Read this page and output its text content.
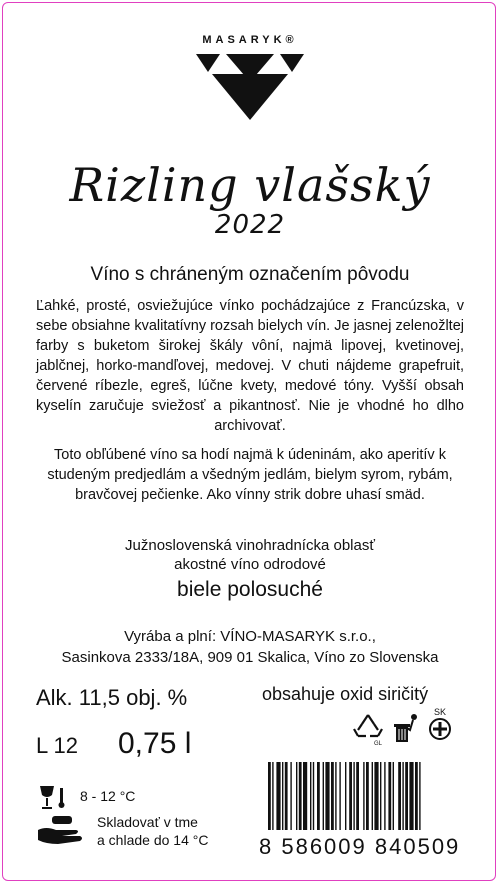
MASARYK®
Rizling vlašský
2022
Víno s chráneným označením pôvodu
Ľahké, prosté, osviežujúce vínko pochádzajúce z Francúzska, v sebe obsiahne kvalitatívny rozsah bielych vín. Je jasnej zelenožltej farby s buketom širokej škály vôní, najmä lipovej, kvetinovej, jablčnej, horko-mandľovej, medovej. V chuti nájdeme grapefruit, červené ríbezle, egreš, lúčne kvety, medové tóny. Vyšší obsah kyselín zaručuje sviežosť a pikantnosť. Nie je vhodné ho dlho archivovať.
Toto obľúbené víno sa hodí najmä k údeninám, ako aperitív k studeným predjedlám a všedným jedlám, bielym syrom, rybám, bravčovej pečienke. Ako vínny strik dobre uhasí smäd.
Južnoslovenská vinohradnícka oblasť
akostné víno odrodové
biele polosuché
Vyrába a plní: VÍNO-MASARYK s.r.o.,
Sasinkova 2333/18A, 909 01 Skalica, Víno zo Slovenska
Alk. 11,5 obj. %
L 12 0,75 l
obsahuje oxid siričitý
GL
SK
8 - 12 °C
Skladovať v tme
a chlade do 14 °C 8 586009 840509
